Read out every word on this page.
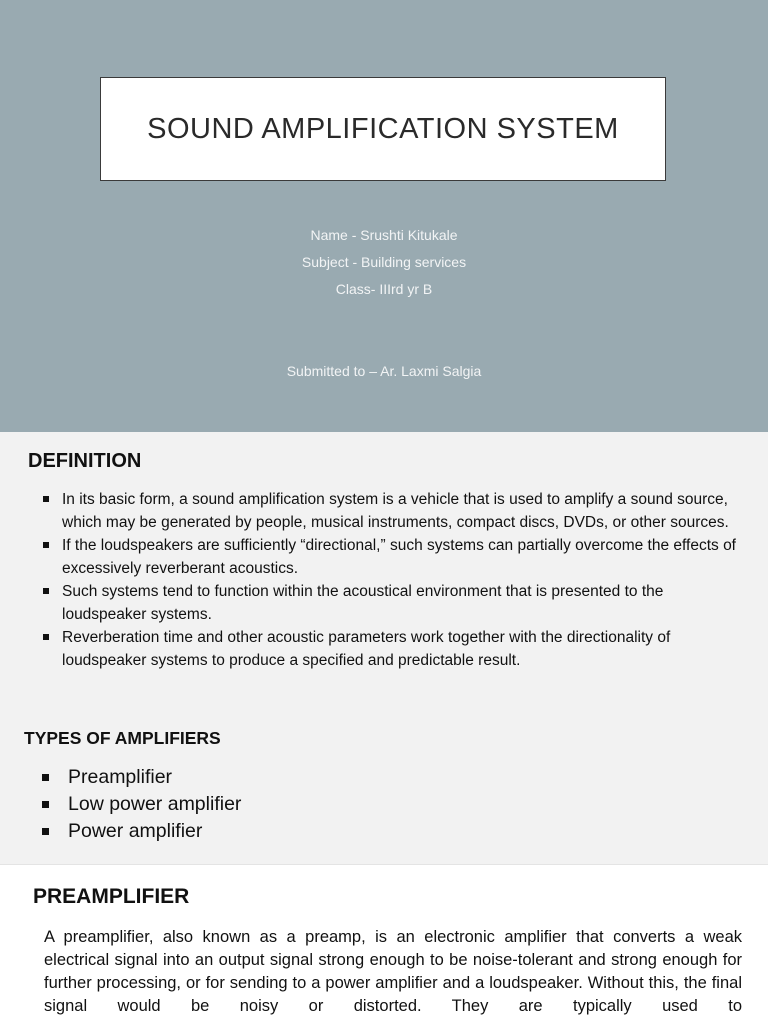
SOUND AMPLIFICATION SYSTEM
Name - Srushti Kitukale
Subject - Building services
Class- IIIrd yr B
Submitted to – Ar. Laxmi Salgia
DEFINITION
In its basic form, a sound amplification system is a vehicle that is used to amplify a sound source, which may be generated by people, musical instruments, compact discs, DVDs, or other sources.
If the loudspeakers are sufficiently “directional,” such systems can partially overcome the effects of excessively reverberant acoustics.
Such systems tend to function within the acoustical environment that is presented to the loudspeaker systems.
Reverberation time and other acoustic parameters work together with the directionality of loudspeaker systems to produce a specified and predictable result.
TYPES OF AMPLIFIERS
Preamplifier
Low power amplifier
Power amplifier
PREAMPLIFIER

A preamplifier, also known as a preamp, is an electronic amplifier that converts a weak electrical signal into an output signal strong enough to be noise-tolerant and strong enough for further processing, or for sending to a power amplifier and a loudspeaker. Without this, the final signal would be noisy or distorted. They are typically used to
